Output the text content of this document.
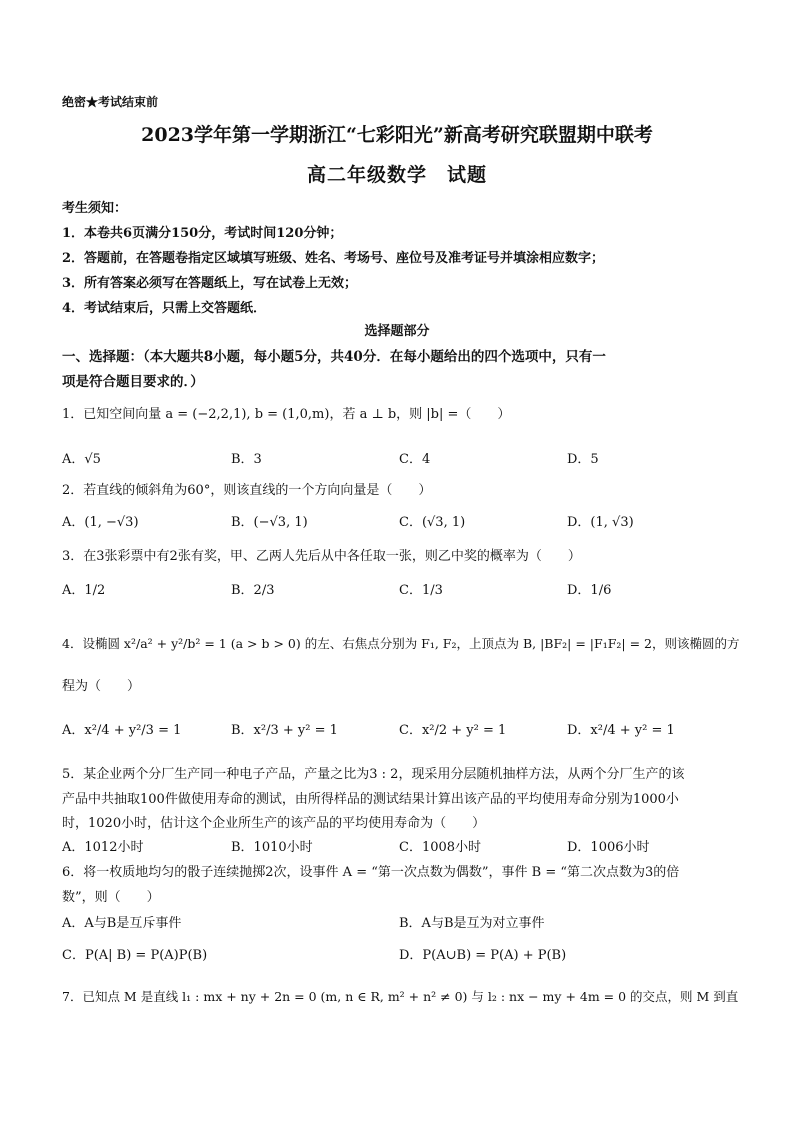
绝密★考试结束前
2023学年第一学期浙江“七彩阳光”新高考研究联盟期中联考
高二年级数学　试题
考生须知：
1．本卷共6页满分150分，考试时间120分钟；
2．答题前，在答题卷指定区域填写班级、姓名、考场号、座位号及准考证号并填涂相应数字；
3．所有答案必须写在答题纸上，写在试卷上无效；
4．考试结束后，只需上交答题纸．
选择题部分
一、选择题：（本大题共8小题，每小题5分，共40分．在每小题给出的四个选项中，只有一
项是符合题目要求的．）
1．已知空间向量 a = (−2,2,1), b = (1,0,m)，若 a ⊥ b，则 |b| =（　　）
A．√5	B．3	C．4	D．5
2．若直线的倾斜角为60°，则该直线的一个方向向量是（　　）
A．(1, −√3)	B．(−√3, 1)	C．(√3, 1)	D．(1, √3)
3．在3张彩票中有2张有奖，甲、乙两人先后从中各任取一张，则乙中奖的概率为（　　）
A．1/2	B．2/3	C．1/3	D．1/6
4．设椭圆 x²/a² + y²/b² = 1 (a > b > 0) 的左、右焦点分别为 F₁, F₂，上顶点为 B, |BF₂| = |F₁F₂| = 2，则该椭圆的方
程为（　　）
A．x²/4 + y²/3 = 1	B．x²/3 + y² = 1	C．x²/2 + y² = 1	D．x²/4 + y² = 1
5．某企业两个分厂生产同一种电子产品，产量之比为3 : 2，现采用分层随机抽样方法，从两个分厂生产的该
产品中共抽取100件做使用寿命的测试，由所得样品的测试结果计算出该产品的平均使用寿命分别为1000小
时，1020小时，估计这个企业所生产的该产品的平均使用寿命为（　　）
A．1012小时	B．1010小时	C．1008小时	D．1006小时
6．将一枚质地均匀的骰子连续抛掷2次，设事件 A = “第一次点数为偶数”，事件 B = “第二次点数为3的倍
数”，则（　　）
A．A与B是互斥事件	B．A与B是互为对立事件
C．P(A| B) = P(A)P(B)	D．P(A∪B) = P(A) + P(B)
7．已知点 M 是直线 l₁ : mx + ny + 2n = 0 (m, n ∈ R, m² + n² ≠ 0) 与 l₂ : nx − my + 4m = 0 的交点，则 M 到直
